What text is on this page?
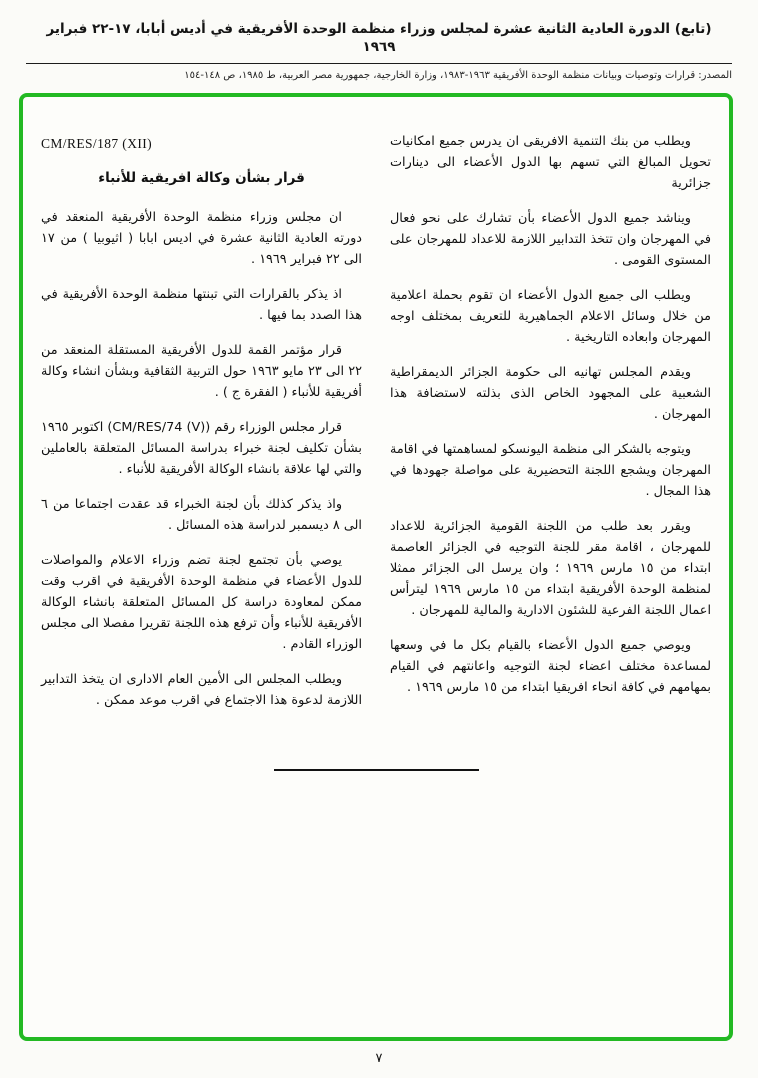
(تابع) الدورة العادية الثانية عشرة لمجلس وزراء منظمة الوحدة الأفريقية في أديس أبابا، ١٧-٢٢ فبراير ١٩٦٩
المصدر: قرارات وتوصيات وبيانات منظمة الوحدة الأفريقية ١٩٦٣-١٩٨٣، وزارة الخارجية، جمهورية مصر العربية، ط ١٩٨٥، ص ١٤٨-١٥٤

ويطلب من بنك التنمية الافريقى ان يدرس جميع امكانيات تحويل المبالغ التي تسهم بها الدول الأعضاء الى دينارات جزائرية

ويناشد جميع الدول الأعضاء بأن تشارك على نحو فعال في المهرجان وان تتخذ التدابير اللازمة للاعداد للمهرجان على المستوى القومى .

ويطلب الى جميع الدول الأعضاء ان تقوم بحملة اعلامية من خلال وسائل الاعلام الجماهيرية للتعريف بمختلف اوجه المهرجان وابعاده التاريخية .

ويقدم المجلس تهانيه الى حكومة الجزائر الديمقراطية الشعبية على المجهود الخاص الذى بذلته لاستضافة هذا المهرجان .

ويتوجه بالشكر الى منظمة اليونسكو لمساهمتها في اقامة المهرجان ويشجع اللجنة التحضيرية على مواصلة جهودها في هذا المجال .

ويقرر بعد طلب من اللجنة القومية الجزائرية للاعداد للمهرجان ، اقامة مقر للجنة التوجيه في الجزائر العاصمة ابتداء من ١٥ مارس ١٩٦٩ ؛ وان يرسل الى الجزائر ممثلا لمنظمة الوحدة الأفريقية ابتداء من ١٥ مارس ١٩٦٩ ليترأس اعمال اللجنة الفرعية للشئون الادارية والمالية للمهرجان .

ويوصي جميع الدول الأعضاء بالقيام بكل ما في وسعها لمساعدة مختلف اعضاء لجنة التوجيه واعانتهم في القيام بمهامهم في كافة انحاء افريقيا ابتداء من ١٥ مارس ١٩٦٩ .

CM/RES/187 (XII)

قرار بشأن وكالة افريقية للأنباء

ان مجلس وزراء منظمة الوحدة الأفريقية المنعقد في دورته العادية الثانية عشرة في اديس ابابا ( اثيوبيا ) من ١٧ الى ٢٢ فبراير ١٩٦٩ .

اذ يذكر بالقرارات التي تبنتها منظمة الوحدة الأفريقية في هذا الصدد بما فيها .

قرار مؤتمر القمة للدول الأفريقية المستقلة المنعقد من ٢٢ الى ٢٣ مايو ١٩٦٣ حول التربية الثقافية وبشأن انشاء وكالة أفريقية للأنباء ( الفقرة ج ) .

قرار مجلس الوزراء رقم (CM/RES/74 (V)) اكتوبر ١٩٦٥ بشأن تكليف لجنة خبراء بدراسة المسائل المتعلقة بالعاملين والتي لها علاقة بانشاء الوكالة الأفريقية للأنباء .

واذ يذكر كذلك بأن لجنة الخبراء قد عقدت اجتماعا من ٦ الى ٨ ديسمبر لدراسة هذه المسائل .

يوصي بأن تجتمع لجنة تضم وزراء الاعلام والمواصلات للدول الأعضاء في منظمة الوحدة الأفريقية في اقرب وقت ممكن لمعاودة دراسة كل المسائل المتعلقة بانشاء الوكالة الأفريقية للأنباء وأن ترفع هذه اللجنة تقريرا مفصلا الى مجلس الوزراء القادم .

ويطلب المجلس الى الأمين العام الادارى ان يتخذ التدابير اللازمة لدعوة هذا الاجتماع في اقرب موعد ممكن .

٧
